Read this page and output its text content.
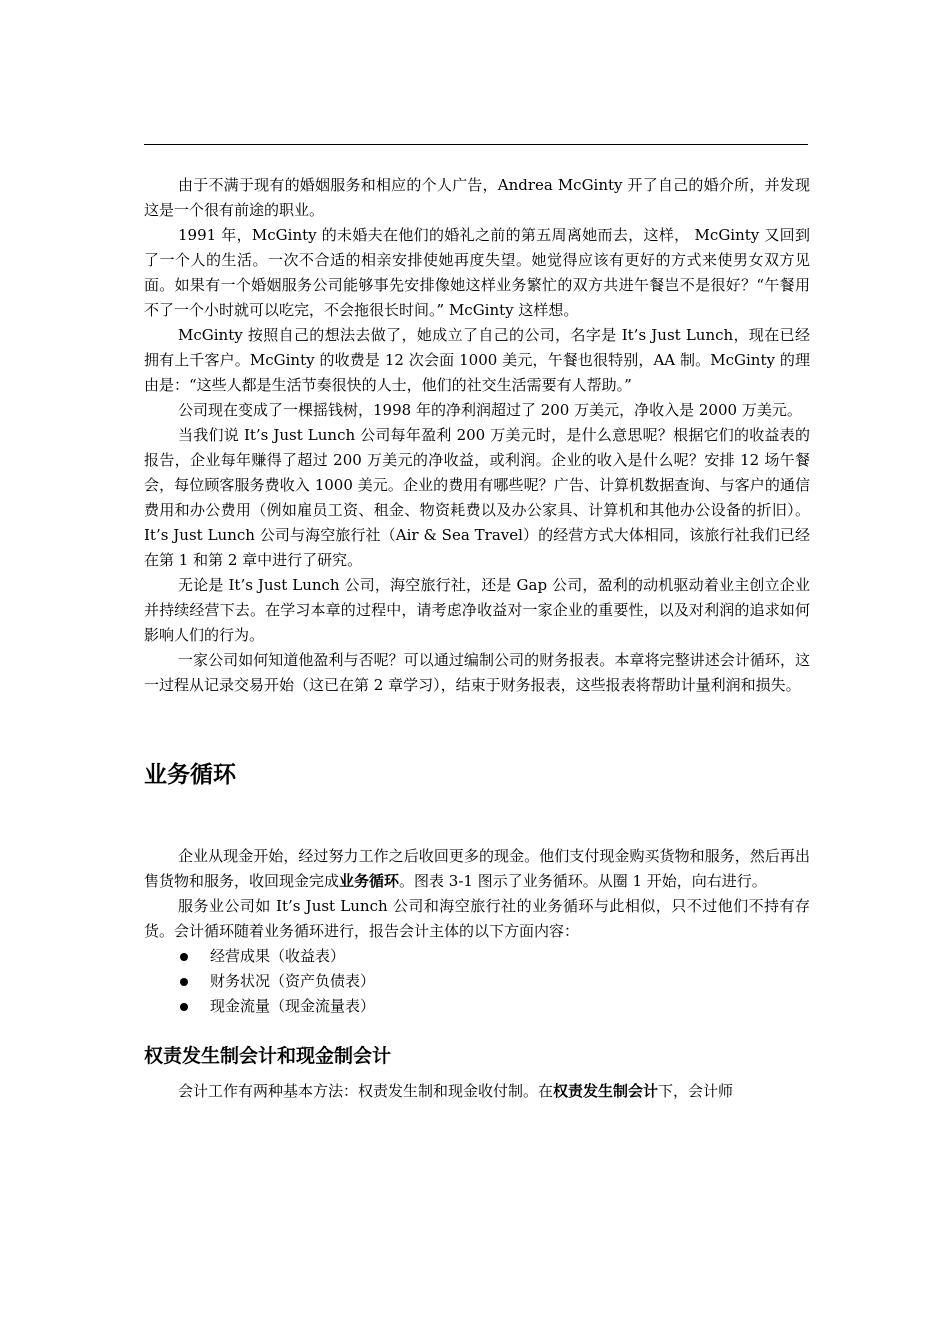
由于不满于现有的婚姻服务和相应的个人广告，Andrea McGinty 开了自己的婚介所，并发现这是一个很有前途的职业。

1991 年，McGinty 的未婚夫在他们的婚礼之前的第五周离她而去，这样， McGinty 又回到了一个人的生活。一次不合适的相亲安排使她再度失望。她觉得应该有更好的方式来使男女双方见面。如果有一个婚姻服务公司能够事先安排像她这样业务繁忙的双方共进午餐岂不是很好？“午餐用不了一个小时就可以吃完，不会拖很长时间。” McGinty 这样想。

McGinty 按照自己的想法去做了，她成立了自己的公司，名字是 It’s Just Lunch，现在已经拥有上千客户。McGinty 的收费是 12 次会面 1000 美元，午餐也很特别，AA 制。McGinty 的理由是：“这些人都是生活节奏很快的人士，他们的社交生活需要有人帮助。”

公司现在变成了一棵摇钱树，1998 年的净利润超过了 200 万美元，净收入是 2000 万美元。

当我们说 It’s Just Lunch 公司每年盈利 200 万美元时，是什么意思呢？根据它们的收益表的报告，企业每年赚得了超过 200 万美元的净收益，或利润。企业的收入是什么呢？安排 12 场午餐会，每位顾客服务费收入 1000 美元。企业的费用有哪些呢？广告、计算机数据查询、与客户的通信费用和办公费用（例如雇员工资、租金、物资耗费以及办公家具、计算机和其他办公设备的折旧）。It’s Just Lunch 公司与海空旅行社（Air & Sea Travel）的经营方式大体相同，该旅行社我们已经在第 1 和第 2 章中进行了研究。

无论是 It’s Just Lunch 公司，海空旅行社，还是 Gap 公司，盈利的动机驱动着业主创立企业并持续经营下去。在学习本章的过程中，请考虑净收益对一家企业的重要性，以及对利润的追求如何影响人们的行为。

一家公司如何知道他盈利与否呢？可以通过编制公司的财务报表。本章将完整讲述会计循环，这一过程从记录交易开始（这已在第 2 章学习），结束于财务报表，这些报表将帮助计量利润和损失。

业务循环

企业从现金开始，经过努力工作之后收回更多的现金。他们支付现金购买货物和服务，然后再出售货物和服务，收回现金完成业务循环。图表 3-1 图示了业务循环。从圈 1 开始，向右进行。

服务业公司如 It’s Just Lunch 公司和海空旅行社的业务循环与此相似，只不过他们不持有存货。会计循环随着业务循环进行，报告会计主体的以下方面内容：

经营成果（收益表）
财务状况（资产负债表）
现金流量（现金流量表）
权责发生制会计和现金制会计

会计工作有两种基本方法：权责发生制和现金收付制。在权责发生制会计下，会计师
